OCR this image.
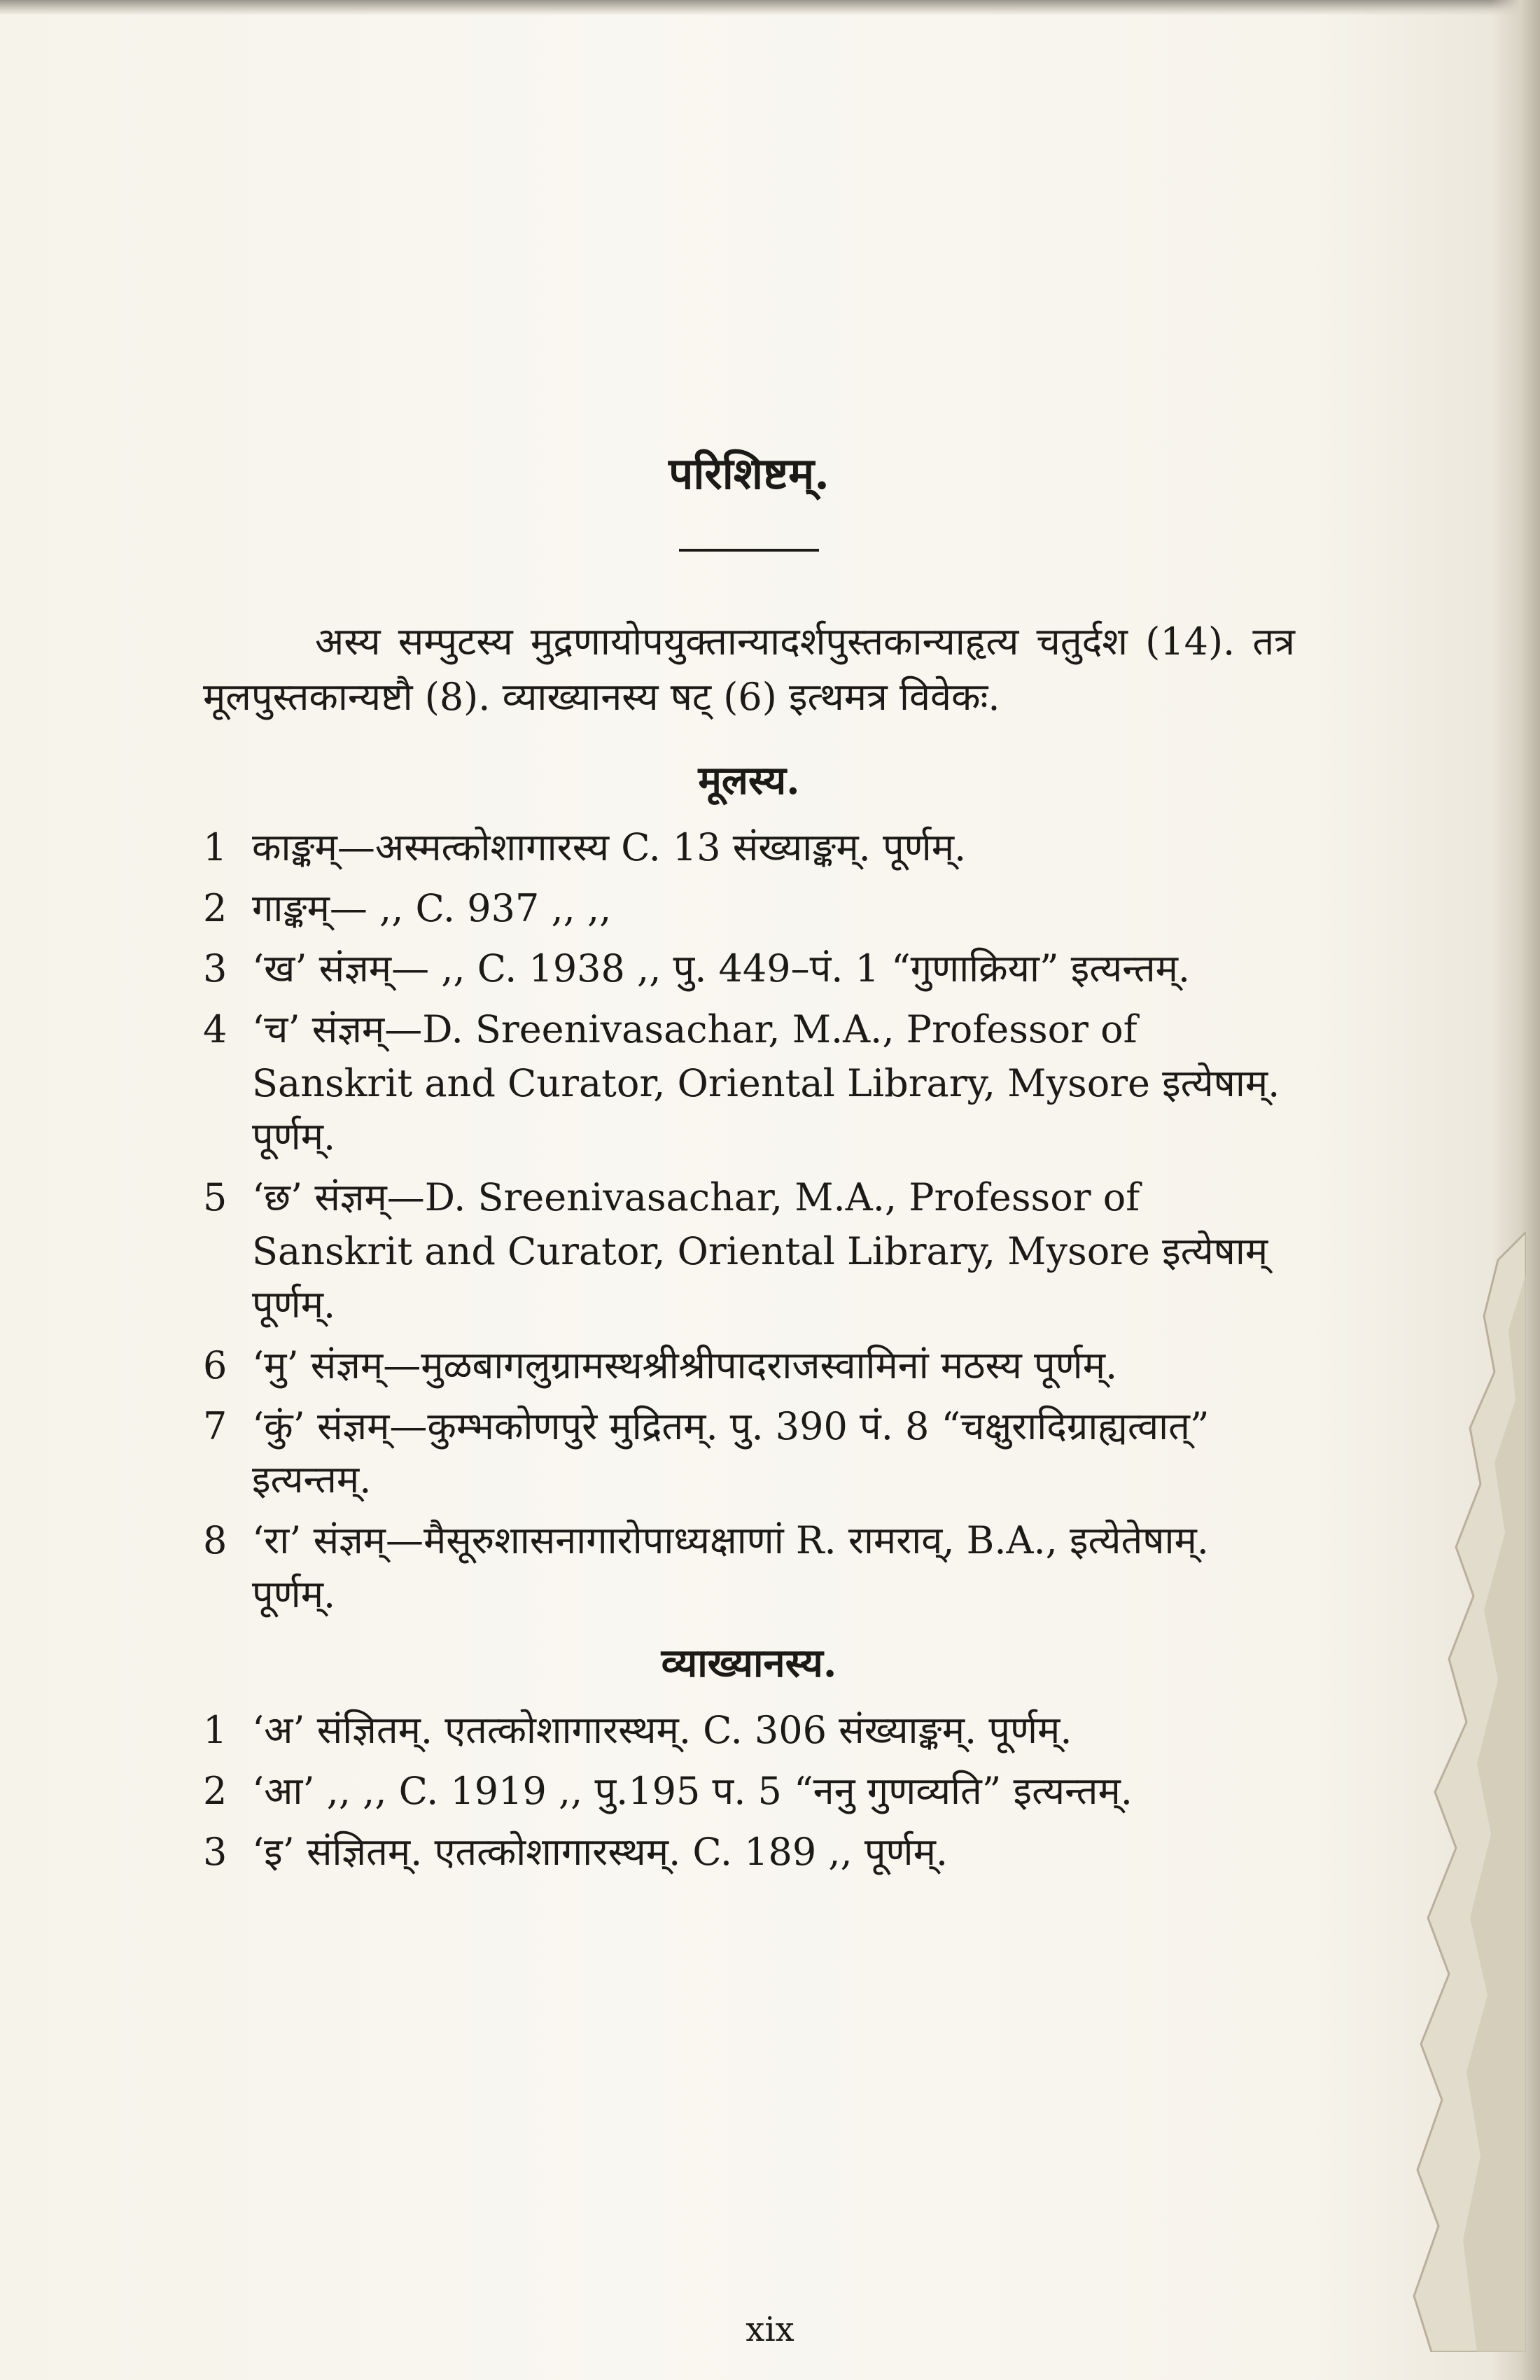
परिशिष्टम्.

अस्य सम्पुटस्य मुद्रणायोपयुक्तान्यादर्शपुस्तकान्याहृत्य चतुर्दश (14). तत्र मूलपुस्तकान्यष्टौ (8). व्याख्यानस्य षट् (6) इत्थमत्र विवेकः.

मूलस्य.

1 काङ्कम्—अस्मत्कोशागारस्य C. 13 संख्याङ्कम्. पूर्णम्.

2 गाङ्कम्— ,, C. 937 ,, ,,

3 ‘ख’ संज्ञम्— ,, C. 1938 ,, पु. 449–पं. 1 “गुणाक्रिया” इत्यन्तम्.

4 ‘च’ संज्ञम्—D. Sreenivasachar, M.A., Professor of Sanskrit and Curator, Oriental Library, Mysore इत्येषाम्. पूर्णम्.

5 ‘छ’ संज्ञम्—D. Sreenivasachar, M.A., Professor of Sanskrit and Curator, Oriental Library, Mysore इत्येषाम् पूर्णम्.

6 ‘मु’ संज्ञम्—मुळबागलुग्रामस्थश्रीश्रीपादराजस्वामिनां मठस्य पूर्णम्.

7 ‘कुं’ संज्ञम्—कुम्भकोणपुरे मुद्रितम्. पु. 390 पं. 8 “चक्षुरादिग्राह्यत्वात्” इत्यन्तम्.

8 ‘रा’ संज्ञम्—मैसूरुशासनागारोपाध्यक्षाणां R. रामराव्, B.A., इत्येतेषाम्. पूर्णम्.

व्याख्यानस्य.

1 ‘अ’ संज्ञितम्. एतत्कोशागारस्थम्. C. 306 संख्याङ्कम्. पूर्णम्.

2 ‘आ’ ,, ,, C. 1919 ,, पु.195 प. 5 “ननु गुणव्यति” इत्यन्तम्.

3 ‘इ’ संज्ञितम्. एतत्कोशागारस्थम्. C. 189 ,, पूर्णम्.

xix
